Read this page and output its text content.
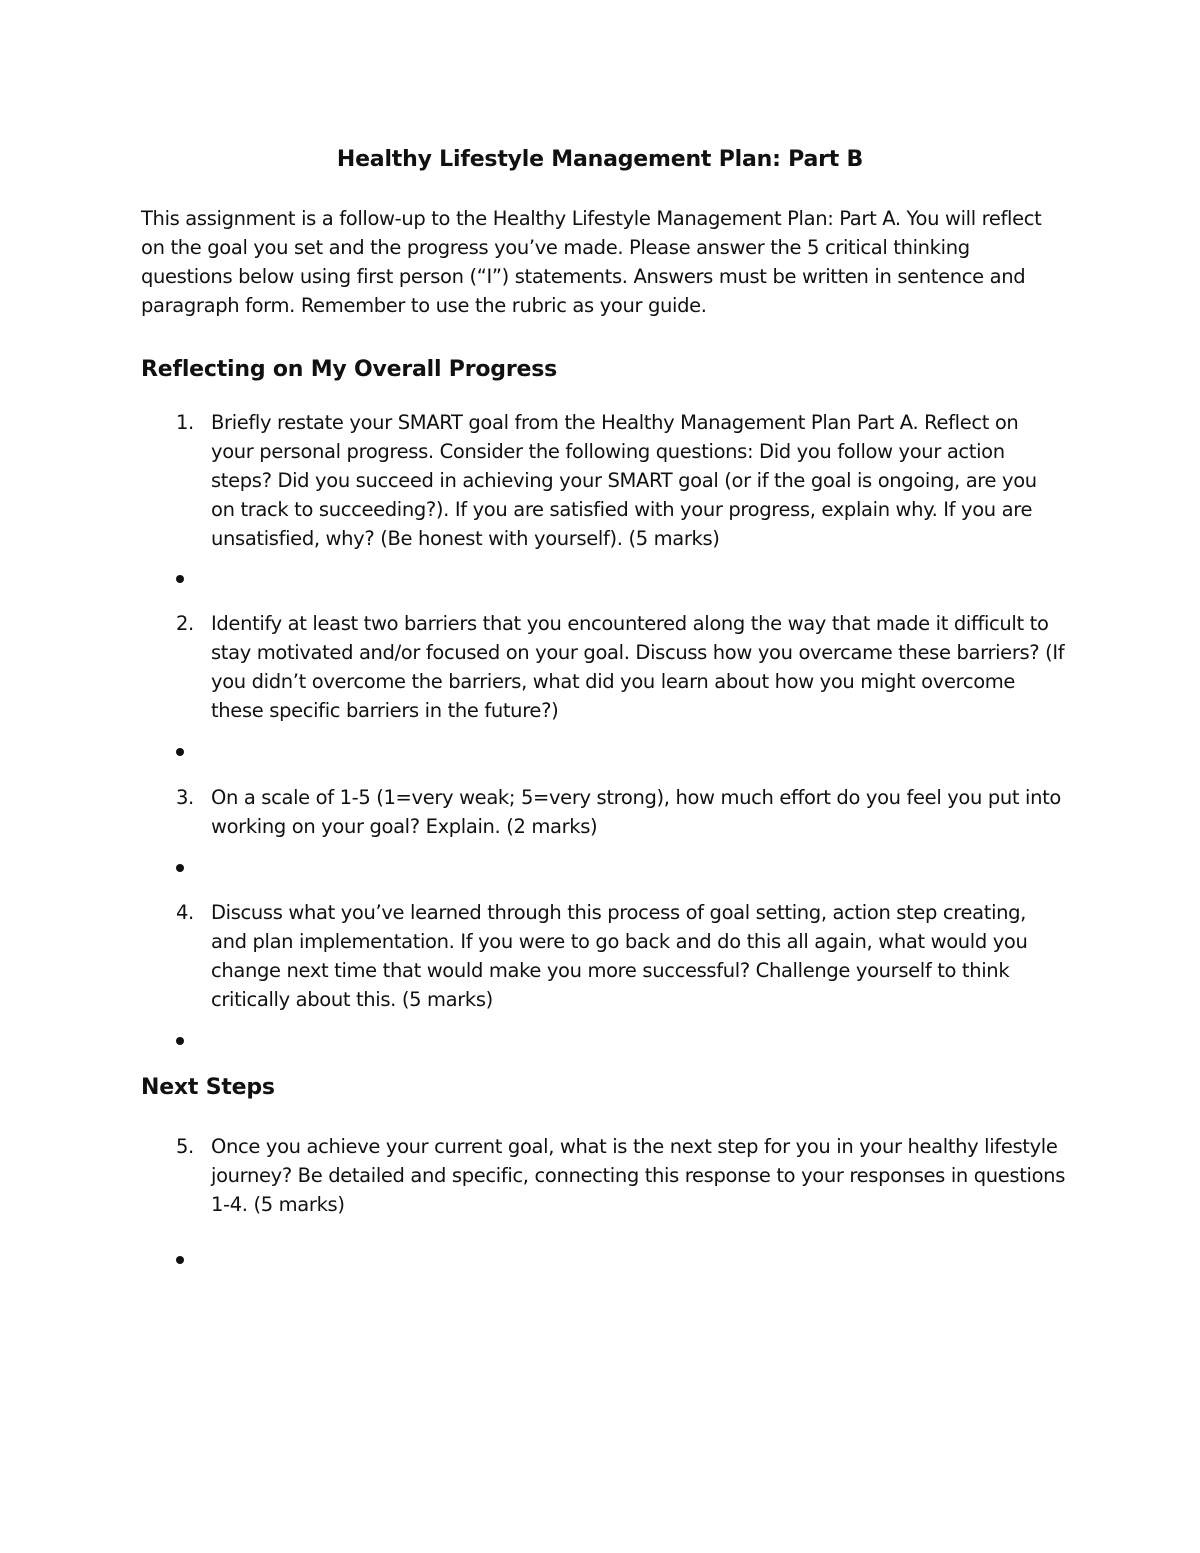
Healthy Lifestyle Management Plan: Part B
This assignment is a follow-up to the Healthy Lifestyle Management Plan: Part A. You will reflect on the goal you set and the progress you’ve made. Please answer the 5 critical thinking questions below using first person (“I”) statements. Answers must be written in sentence and paragraph form. Remember to use the rubric as your guide.
Reflecting on My Overall Progress
1. Briefly restate your SMART goal from the Healthy Management Plan Part A. Reflect on your personal progress. Consider the following questions: Did you follow your action steps? Did you succeed in achieving your SMART goal (or if the goal is ongoing, are you on track to succeeding?). If you are satisfied with your progress, explain why. If you are unsatisfied, why? (Be honest with yourself). (5 marks)
2. Identify at least two barriers that you encountered along the way that made it difficult to stay motivated and/or focused on your goal. Discuss how you overcame these barriers? (If you didn’t overcome the barriers, what did you learn about how you might overcome these specific barriers in the future?)
3. On a scale of 1-5 (1=very weak; 5=very strong), how much effort do you feel you put into working on your goal? Explain. (2 marks)
4. Discuss what you’ve learned through this process of goal setting, action step creating, and plan implementation. If you were to go back and do this all again, what would you change next time that would make you more successful? Challenge yourself to think critically about this. (5 marks)
Next Steps
5. Once you achieve your current goal, what is the next step for you in your healthy lifestyle journey? Be detailed and specific, connecting this response to your responses in questions 1-4. (5 marks)
